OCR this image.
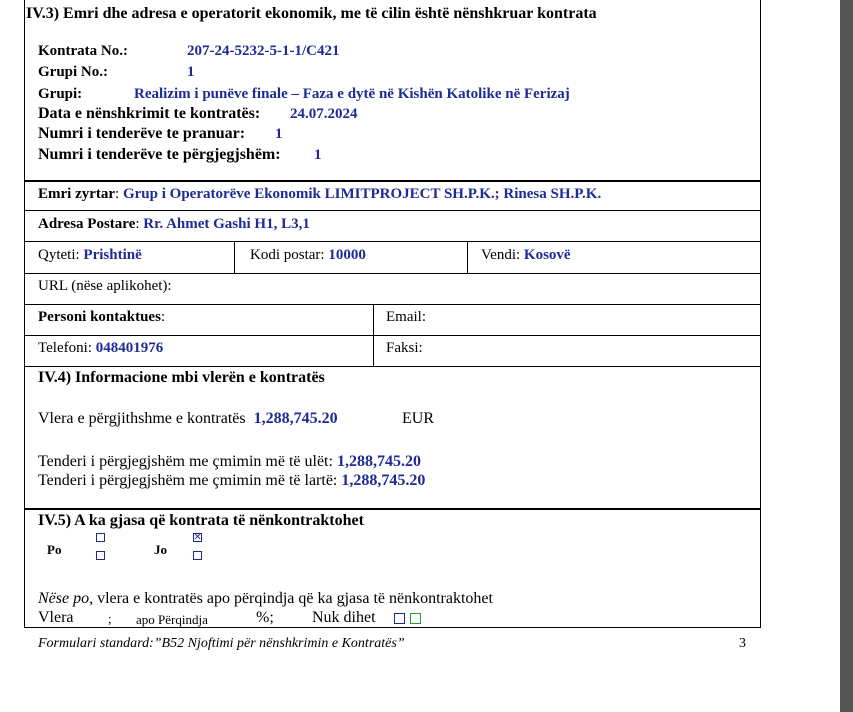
IV.3) Emri dhe adresa e operatorit ekonomik, me të cilin është nënshkruar kontrata
Kontrata No.:	207-24-5232-5-1-1/C421
Grupi No.:	1
Grupi:	Realizim i punëve finale – Faza e dytë në Kishën Katolike në Ferizaj
Data e nënshkrimit te kontratës: 24.07.2024
Numri i tenderëve te pranuar: 1
Numri i tenderëve te përgjegjshëm: 1
Emri zyrtar: Grup i Operatorëve Ekonomik LIMITPROJECT SH.P.K.; Rinesa SH.P.K.
Adresa Postare: Rr. Ahmet Gashi H1, L3,1
Qyteti: Prishtinë	Kodi postar: 10000	Vendi: Kosovë
URL (nëse aplikohet):
Personi kontaktues:	Email:
Telefoni: 048401976	Faksi:
IV.4) Informacione mbi vlerën e kontratës
Vlera e përgjithshme e kontratës 1,288,745.20	EUR
Tenderi i përgjegjshëm me çmimin më të ulët: 1,288,745.20
Tenderi i përgjegjshëm me çmimin më të lartë: 1,288,745.20
IV.5) A ka gjasa që kontrata të nënkontraktohet
Po	Jo
✕
Nëse po, vlera e kontratës apo përqindja që ka gjasa të nënkontraktohet
Vlera	; apo Përqindja	%; Nuk dihet
Formulari standard:”B52 Njoftimi për nënshkrimin e Kontratës”	3
